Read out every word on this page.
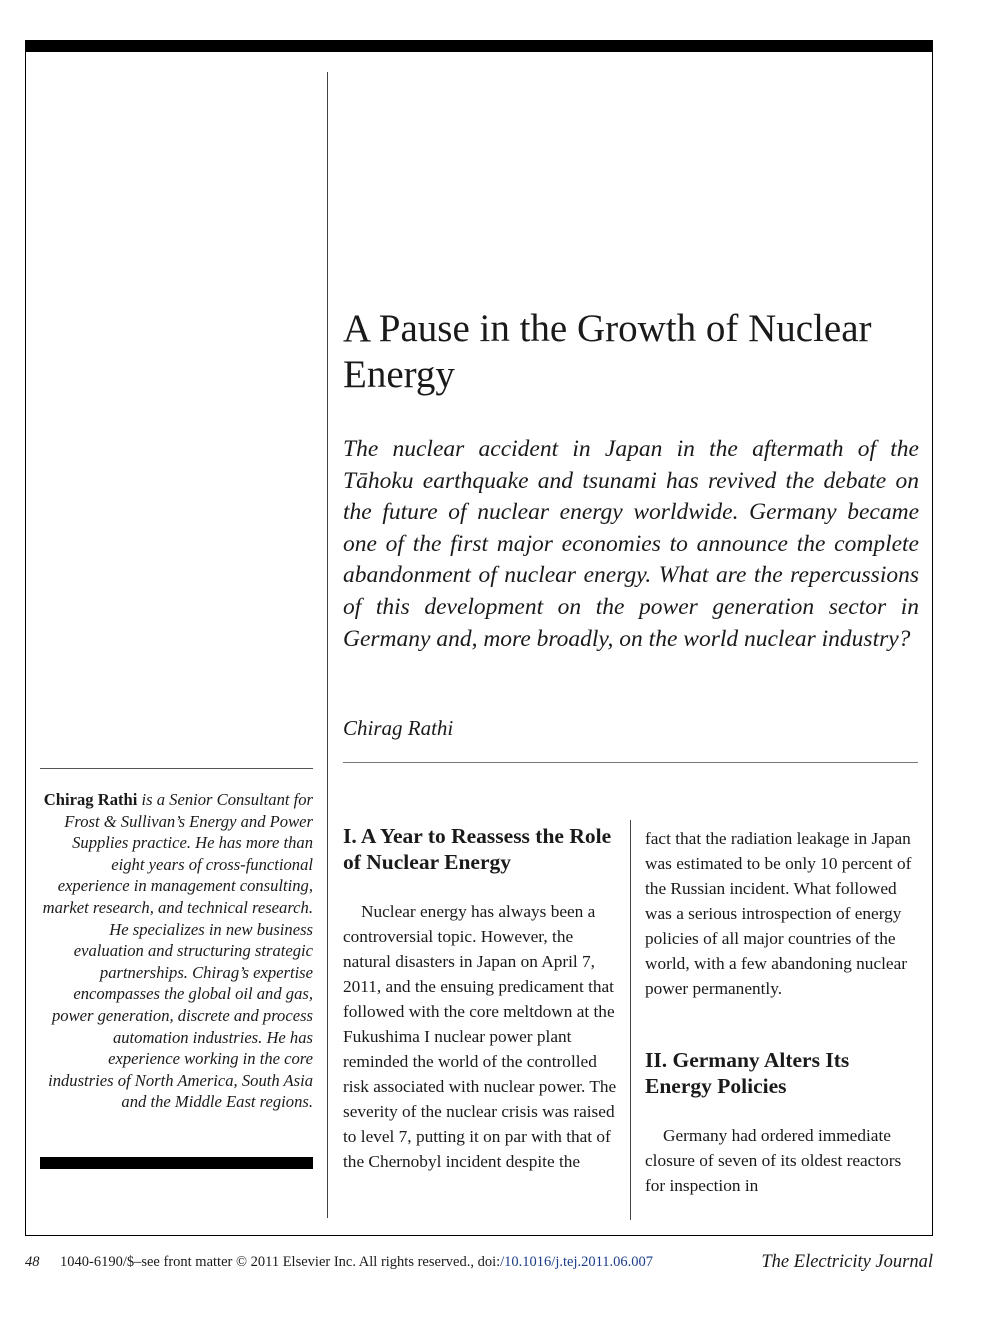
A Pause in the Growth of Nuclear Energy

The nuclear accident in Japan in the aftermath of the Tāhoku earthquake and tsunami has revived the debate on the future of nuclear energy worldwide. Germany became one of the first major economies to announce the complete abandonment of nuclear energy. What are the repercussions of this development on the power generation sector in Germany and, more broadly, on the world nuclear industry?

Chirag Rathi

Chirag Rathi is a Senior Consultant for Frost & Sullivan’s Energy and Power Supplies practice. He has more than eight years of cross-functional experience in management consulting, market research, and technical research. He specializes in new business evaluation and structuring strategic partnerships. Chirag’s expertise encompasses the global oil and gas, power generation, discrete and process automation industries. He has experience working in the core industries of North America, South Asia and the Middle East regions.

I. A Year to Reassess the Role of Nuclear Energy

Nuclear energy has always been a controversial topic. However, the natural disasters in Japan on April 7, 2011, and the ensuing predicament that followed with the core meltdown at the Fukushima I nuclear power plant reminded the world of the controlled risk associated with nuclear power. The severity of the nuclear crisis was raised to level 7, putting it on par with that of the Chernobyl incident despite the

fact that the radiation leakage in Japan was estimated to be only 10 percent of the Russian incident. What followed was a serious introspection of energy policies of all major countries of the world, with a few abandoning nuclear power permanently.

II. Germany Alters Its Energy Policies

Germany had ordered immediate closure of seven of its oldest reactors for inspection in

48 1040-6190/$–see front matter © 2011 Elsevier Inc. All rights reserved., doi:/10.1016/j.tej.2011.06.007	The Electricity Journal
